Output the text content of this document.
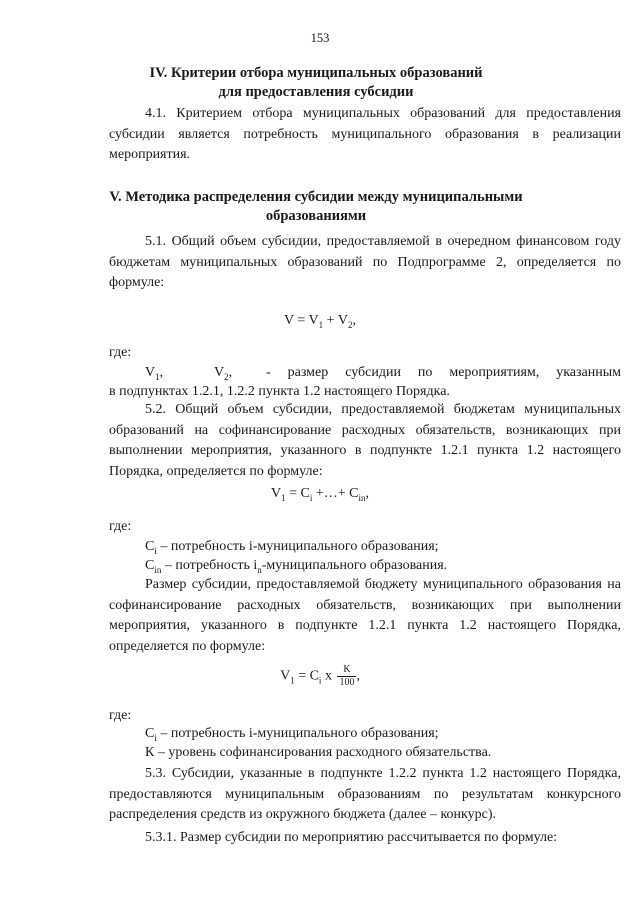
153
IV. Критерии отбора муниципальных образований
для предоставления субсидии

4.1. Критерием отбора муниципальных образований для предоставления субсидии является потребность муниципального образования в реализации мероприятия.

V. Методика распределения субсидии между муниципальными
образованиями

5.1. Общий объем субсидии, предоставляемой в очередном финансовом году бюджетам муниципальных образований по Подпрограмме 2, определяется по формуле:

$V = V_1 + V_2$,
где:
$V_1$,   $V_2$,  - размер субсидии по мероприятиям, указанным
в подпунктах 1.2.1, 1.2.2 пункта 1.2 настоящего Порядка.

5.2. Общий объем субсидии, предоставляемой бюджетам муниципальных образований на софинансирование расходных обязательств, возникающих при выполнении мероприятия, указанного в подпункте 1.2.1 пункта 1.2 настоящего Порядка, определяется по формуле:

$V_1 = C_i$ +…+ $C_{in}$,
где:
$C_i$ – потребность i-муниципального образования;
$C_{in}$ – потребность $i_n$-муниципального образования.

Размер субсидии, предоставляемой бюджету муниципального образования на софинансирование расходных обязательств, возникающих при выполнении мероприятия, указанного в подпункте 1.2.1 пункта 1.2 настоящего Порядка, определяется по формуле:

$V_1 = C_i$ x $\frac{K}{100}$ ,
где:
$C_i$ – потребность i-муниципального образования;
К – уровень софинансирования расходного обязательства.

5.3. Субсидии, указанные в подпункте 1.2.2 пункта 1.2 настоящего Порядка, предоставляются муниципальным образованиям по результатам конкурсного распределения средств из окружного бюджета (далее – конкурс).

5.3.1. Размер субсидии по мероприятию рассчитывается по формуле:
